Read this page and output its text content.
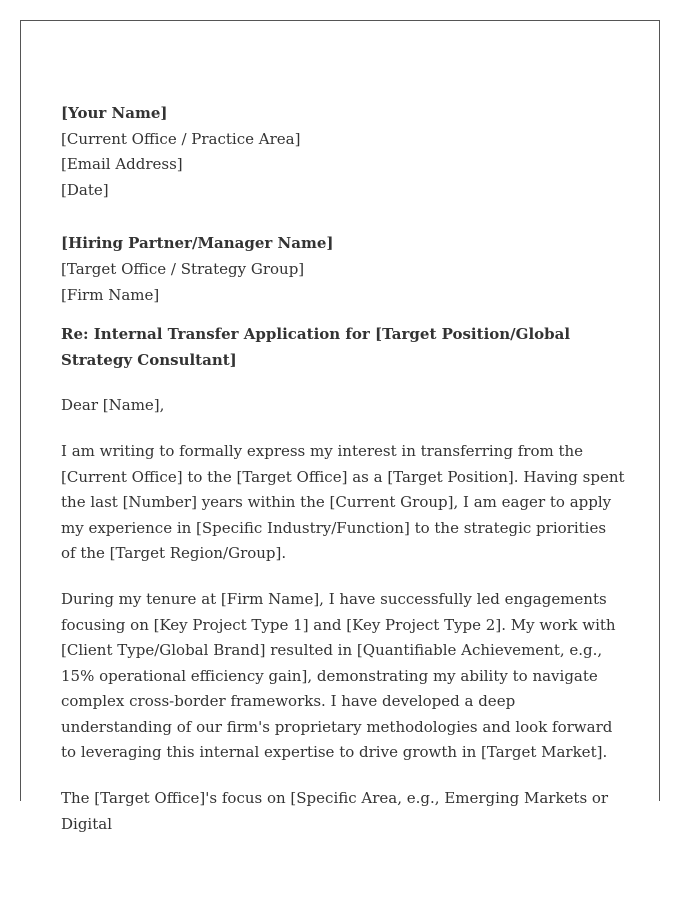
[Your Name]
[Current Office / Practice Area]
[Email Address]
[Date]
[Hiring Partner/Manager Name]
[Target Office / Strategy Group]
[Firm Name]

Re: Internal Transfer Application for [Target Position/Global Strategy Consultant]

Dear [Name],

I am writing to formally express my interest in transferring from the [Current Office] to the [Target Office] as a [Target Position]. Having spent the last [Number] years within the [Current Group], I am eager to apply my experience in [Specific Industry/Function] to the strategic priorities of the [Target Region/Group].

During my tenure at [Firm Name], I have successfully led engagements focusing on [Key Project Type 1] and [Key Project Type 2]. My work with [Client Type/Global Brand] resulted in [Quantifiable Achievement, e.g., 15% operational efficiency gain], demonstrating my ability to navigate complex cross-border frameworks. I have developed a deep understanding of our firm's proprietary methodologies and look forward to leveraging this internal expertise to drive growth in [Target Market].

The [Target Office]'s focus on [Specific Area, e.g., Emerging Markets or Digital
